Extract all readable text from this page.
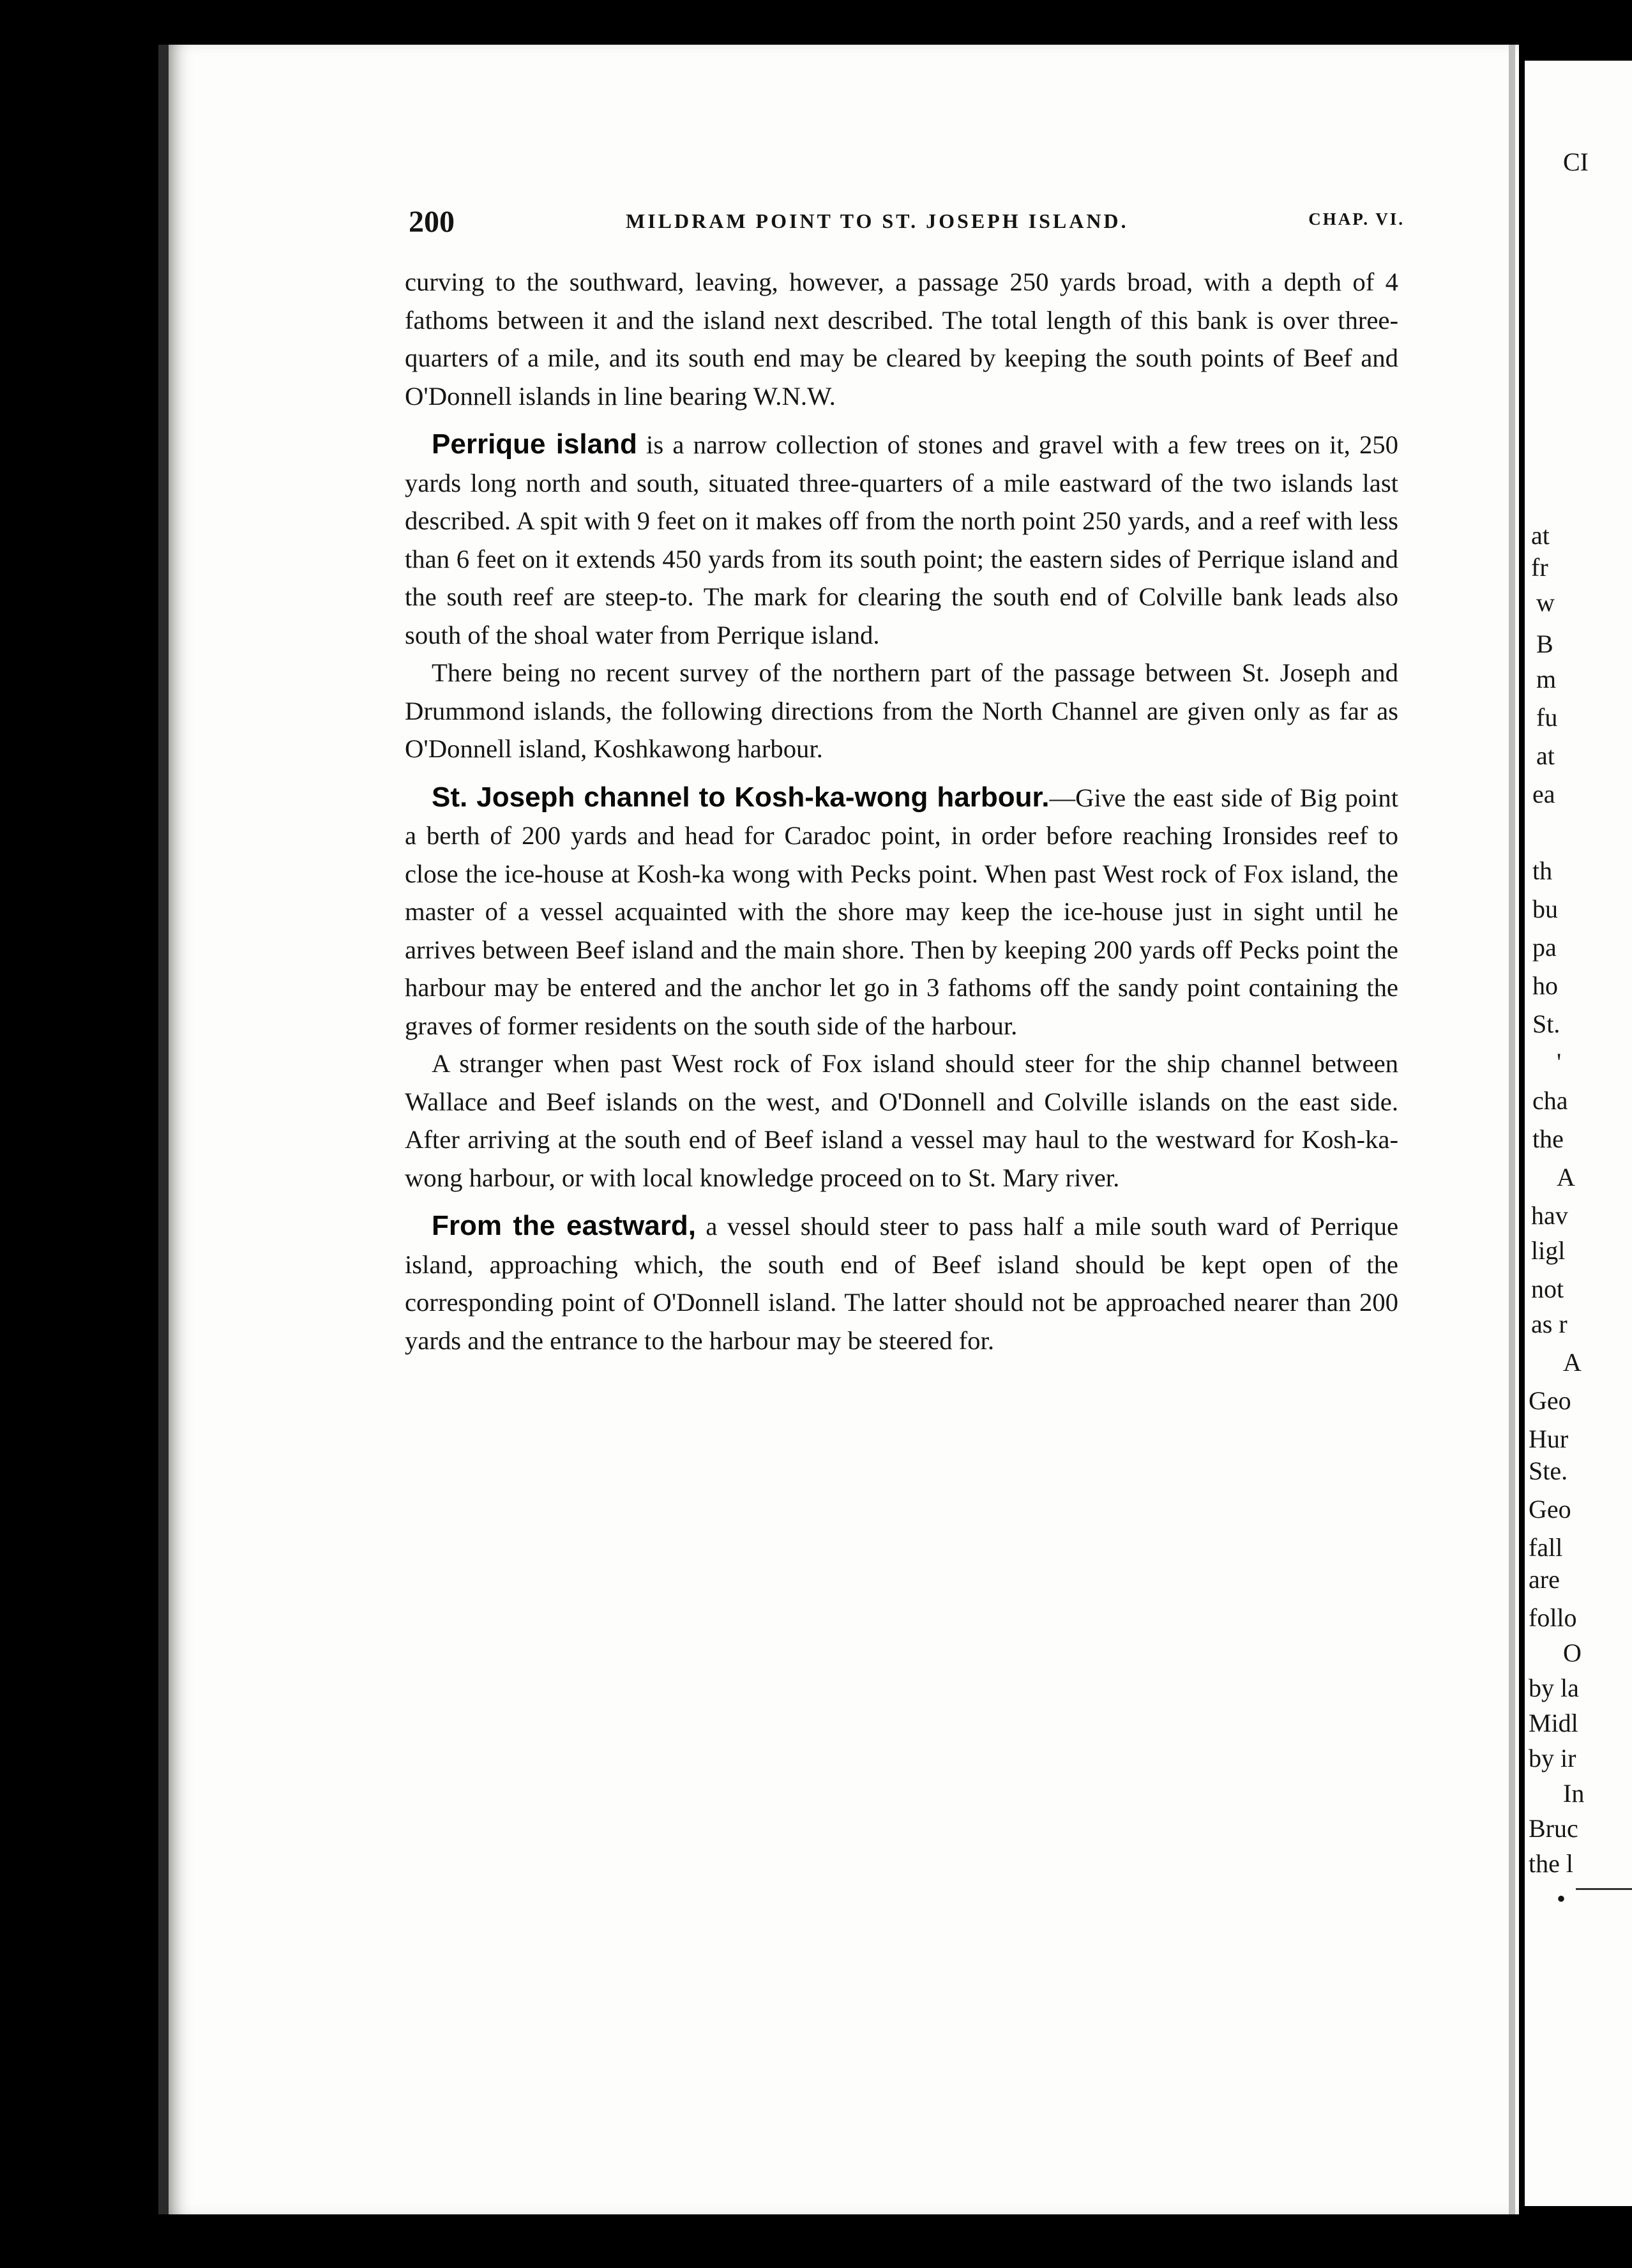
200	MILDRAM POINT TO ST. JOSEPH ISLAND.	CHAP. VI.

curving to the southward, leaving, however, a passage 250 yards broad, with a depth of 4 fathoms between it and the island next described. The total length of this bank is over three-quarters of a mile, and its south end may be cleared by keeping the south points of Beef and O'Donnell islands in line bearing W.N.W.

Perrique island is a narrow collection of stones and gravel with a few trees on it, 250 yards long north and south, situated three-quarters of a mile eastward of the two islands last described. A spit with 9 feet on it makes off from the north point 250 yards, and a reef with less than 6 feet on it extends 450 yards from its south point; the eastern sides of Perrique island and the south reef are steep-to. The mark for clearing the south end of Colville bank leads also south of the shoal water from Perrique island.

There being no recent survey of the northern part of the passage between St. Joseph and Drummond islands, the following directions from the North Channel are given only as far as O'Donnell island, Koshkawong harbour.

St. Joseph channel to Kosh-ka-wong harbour.—Give the east side of Big point a berth of 200 yards and head for Caradoc point, in order before reaching Ironsides reef to close the ice-house at Kosh-ka wong with Pecks point. When past West rock of Fox island, the master of a vessel acquainted with the shore may keep the ice-house just in sight until he arrives between Beef island and the main shore. Then by keeping 200 yards off Pecks point the harbour may be entered and the anchor let go in 3 fathoms off the sandy point containing the graves of former residents on the south side of the harbour.

A stranger when past West rock of Fox island should steer for the ship channel between Wallace and Beef islands on the west, and O'Donnell and Colville islands on the east side. After arriving at the south end of Beef island a vessel may haul to the westward for Kosh-ka-wong harbour, or with local knowledge proceed on to St. Mary river.

From the eastward, a vessel should steer to pass half a mile south ward of Perrique island, approaching which, the south end of Beef island should be kept open of the corresponding point of O'Donnell island. The latter should not be approached nearer than 200 yards and the entrance to the harbour may be steered for.

CI
at
fr
w
B
m
fu
at
ea
th
bu
pa
ho
St.
'
cha
the
A
hav
ligl
not
as r
A
Geo
Hur
Ste.
Geo
fall
are
follo
O
by la
Midl
by ir
In
Bruc
the l
•
